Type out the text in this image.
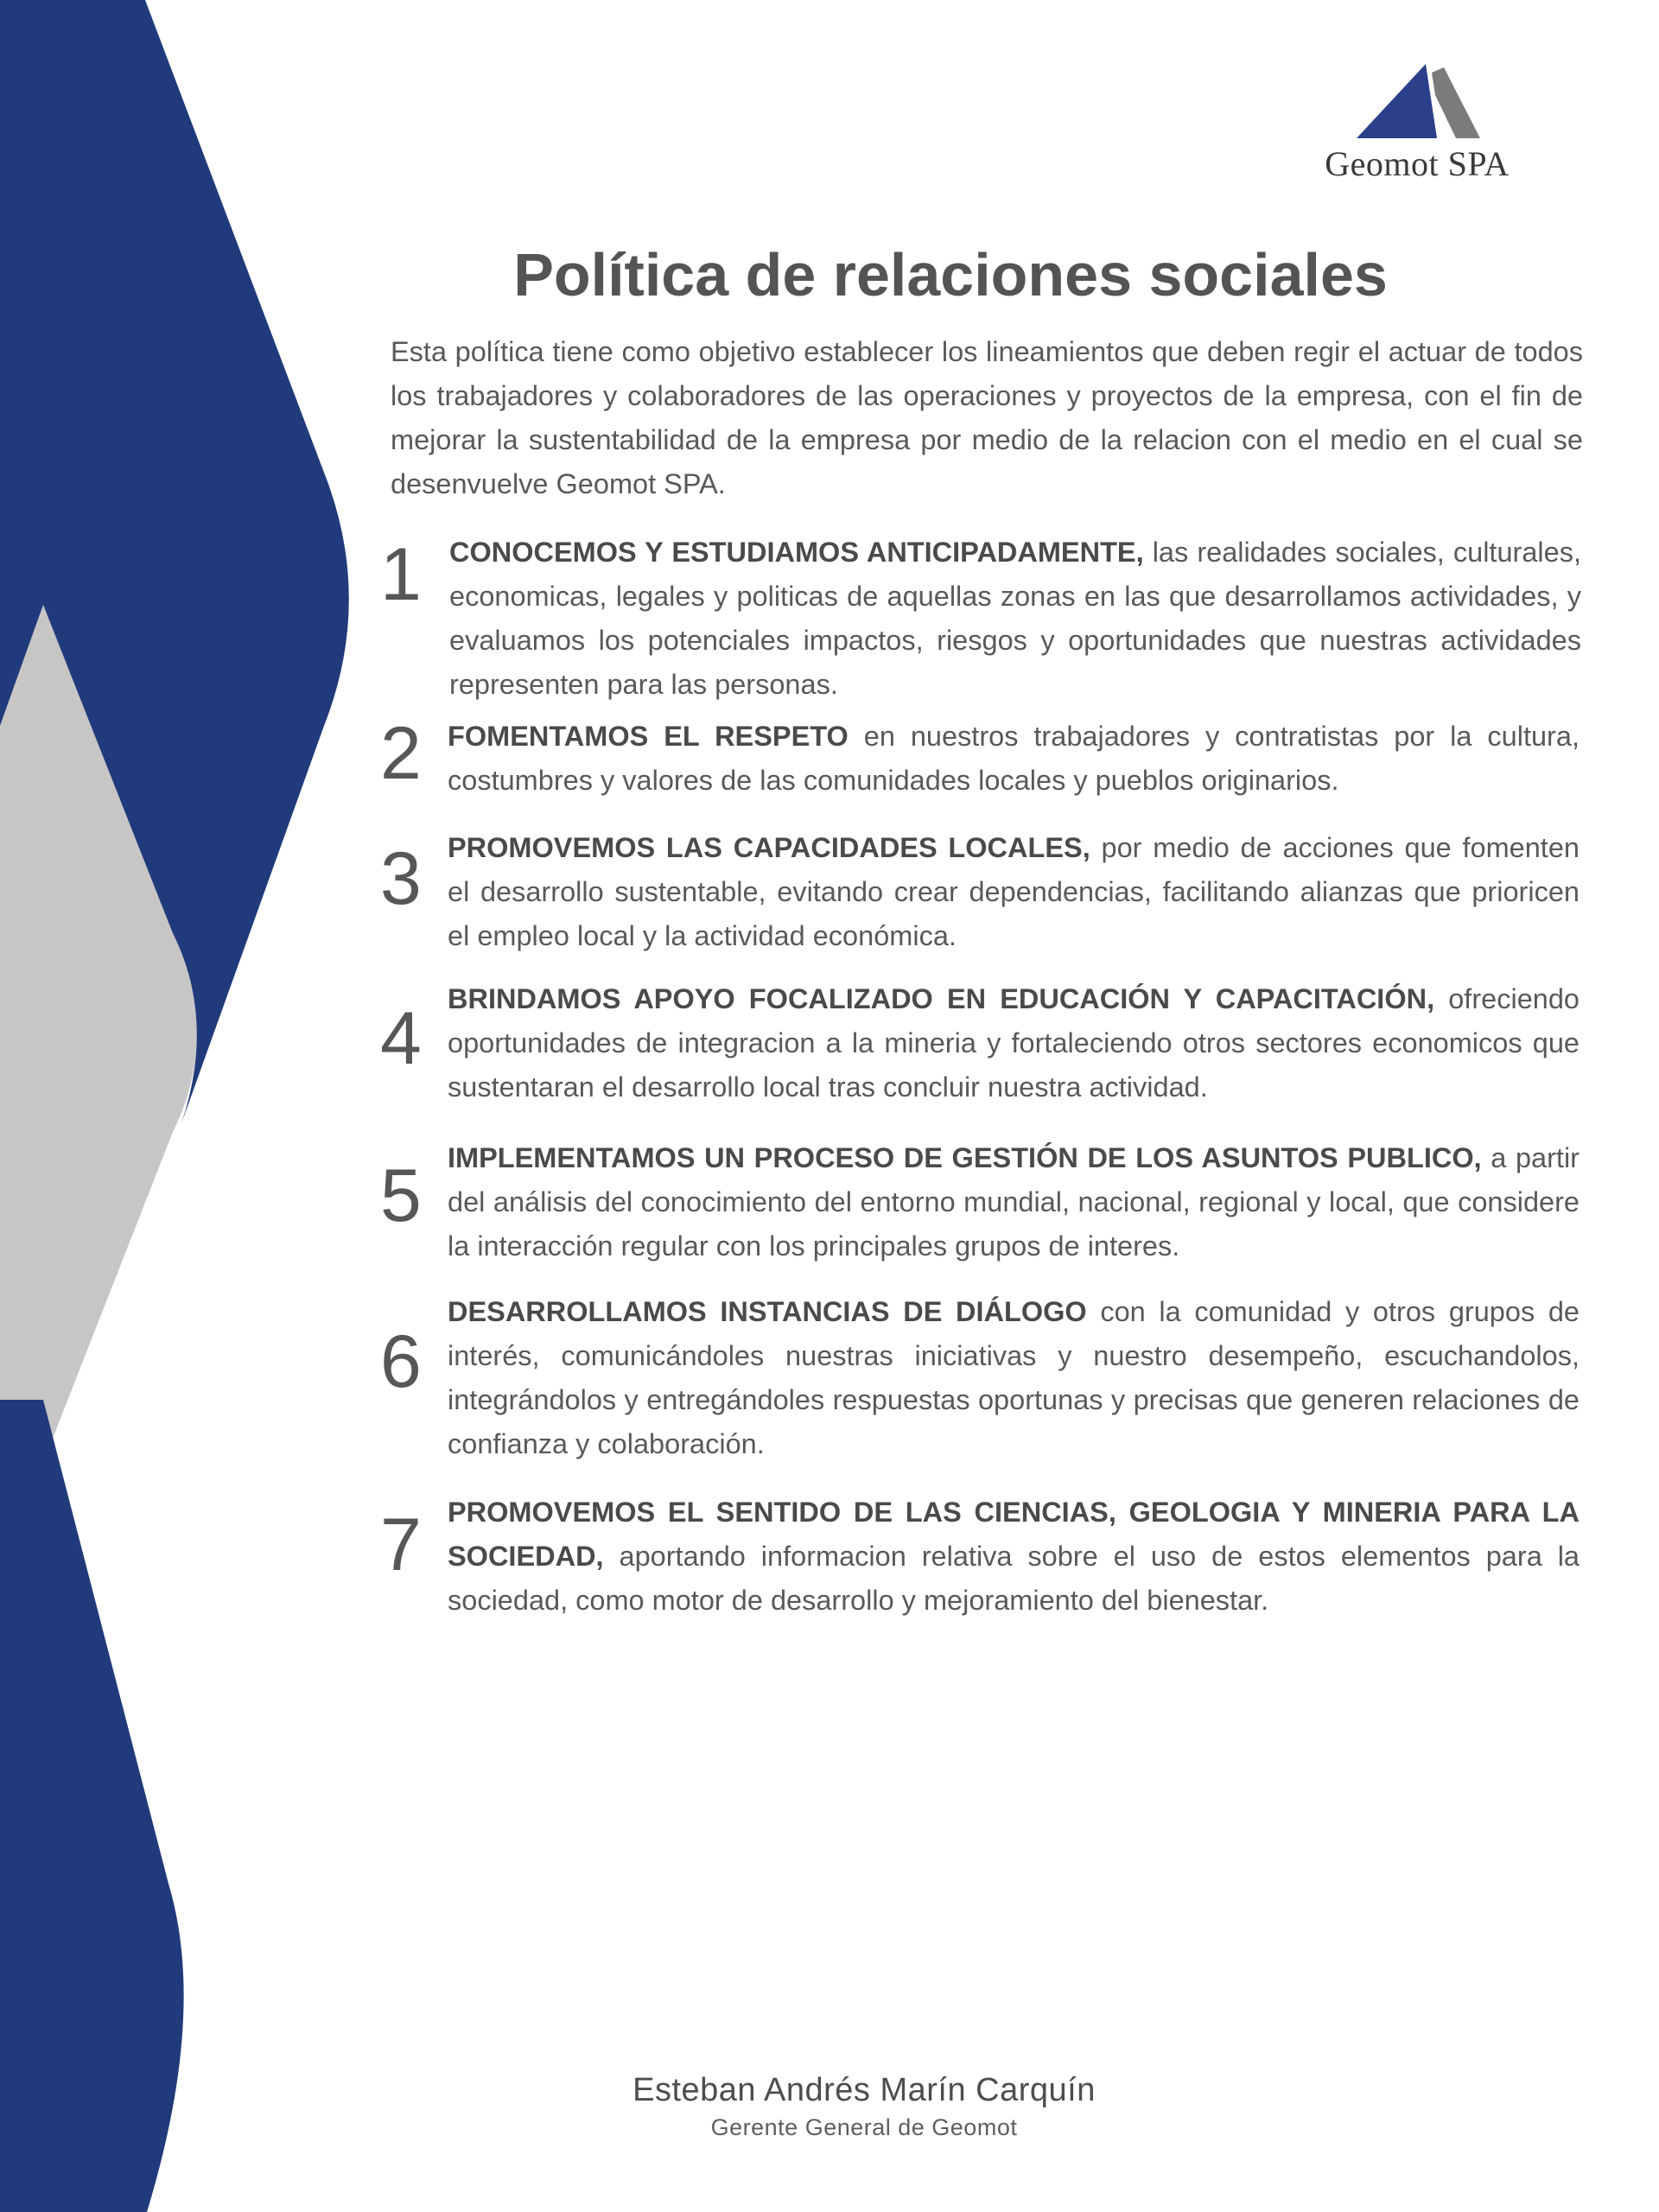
Geomot SPA
Política de relaciones sociales

Esta política tiene como objetivo establecer los lineamientos que deben regir el actuar de todos los trabajadores y colaboradores de las operaciones y proyectos de la empresa, con el fin de mejorar la sustentabilidad de la empresa por medio de la relacion con el medio en el cual se desenvuelve Geomot SPA.

1 CONOCEMOS Y ESTUDIAMOS ANTICIPADAMENTE, las realidades sociales, culturales, economicas, legales y politicas de aquellas zonas en las que desarrollamos actividades, y evaluamos los potenciales impactos, riesgos y oportunidades que nuestras actividades representen para las personas.
2 FOMENTAMOS EL RESPETO en nuestros trabajadores y contratistas por la cultura, costumbres y valores de las comunidades locales y pueblos originarios.
3 PROMOVEMOS LAS CAPACIDADES LOCALES, por medio de acciones que fomenten el desarrollo sustentable, evitando crear dependencias, facilitando alianzas que prioricen el empleo local y la actividad económica.
4 BRINDAMOS APOYO FOCALIZADO EN EDUCACIÓN Y CAPACITACIÓN, ofreciendo oportunidades de integracion a la mineria y fortaleciendo otros sectores economicos que sustentaran el desarrollo local tras concluir nuestra actividad.
5 IMPLEMENTAMOS UN PROCESO DE GESTIÓN DE LOS ASUNTOS PUBLICO, a partir del análisis del conocimiento del entorno mundial, nacional, regional y local, que considere la interacción regular con los principales grupos de interes.
6
DESARROLLAMOS INSTANCIAS DE DIÁLOGO con la comunidad y otros grupos de interés, comunicándoles nuestras iniciativas y nuestro desempeño, escuchandolos, integrándolos y entregándoles respuestas oportunas y precisas que generen relaciones de confianza y colaboración.
7 PROMOVEMOS EL SENTIDO DE LAS CIENCIAS, GEOLOGIA Y MINERIA PARA LA SOCIEDAD, aportando informacion relativa sobre el uso de estos elementos para la sociedad, como motor de desarrollo y mejoramiento del bienestar.
Esteban Andrés Marín Carquín
Gerente General de Geomot
